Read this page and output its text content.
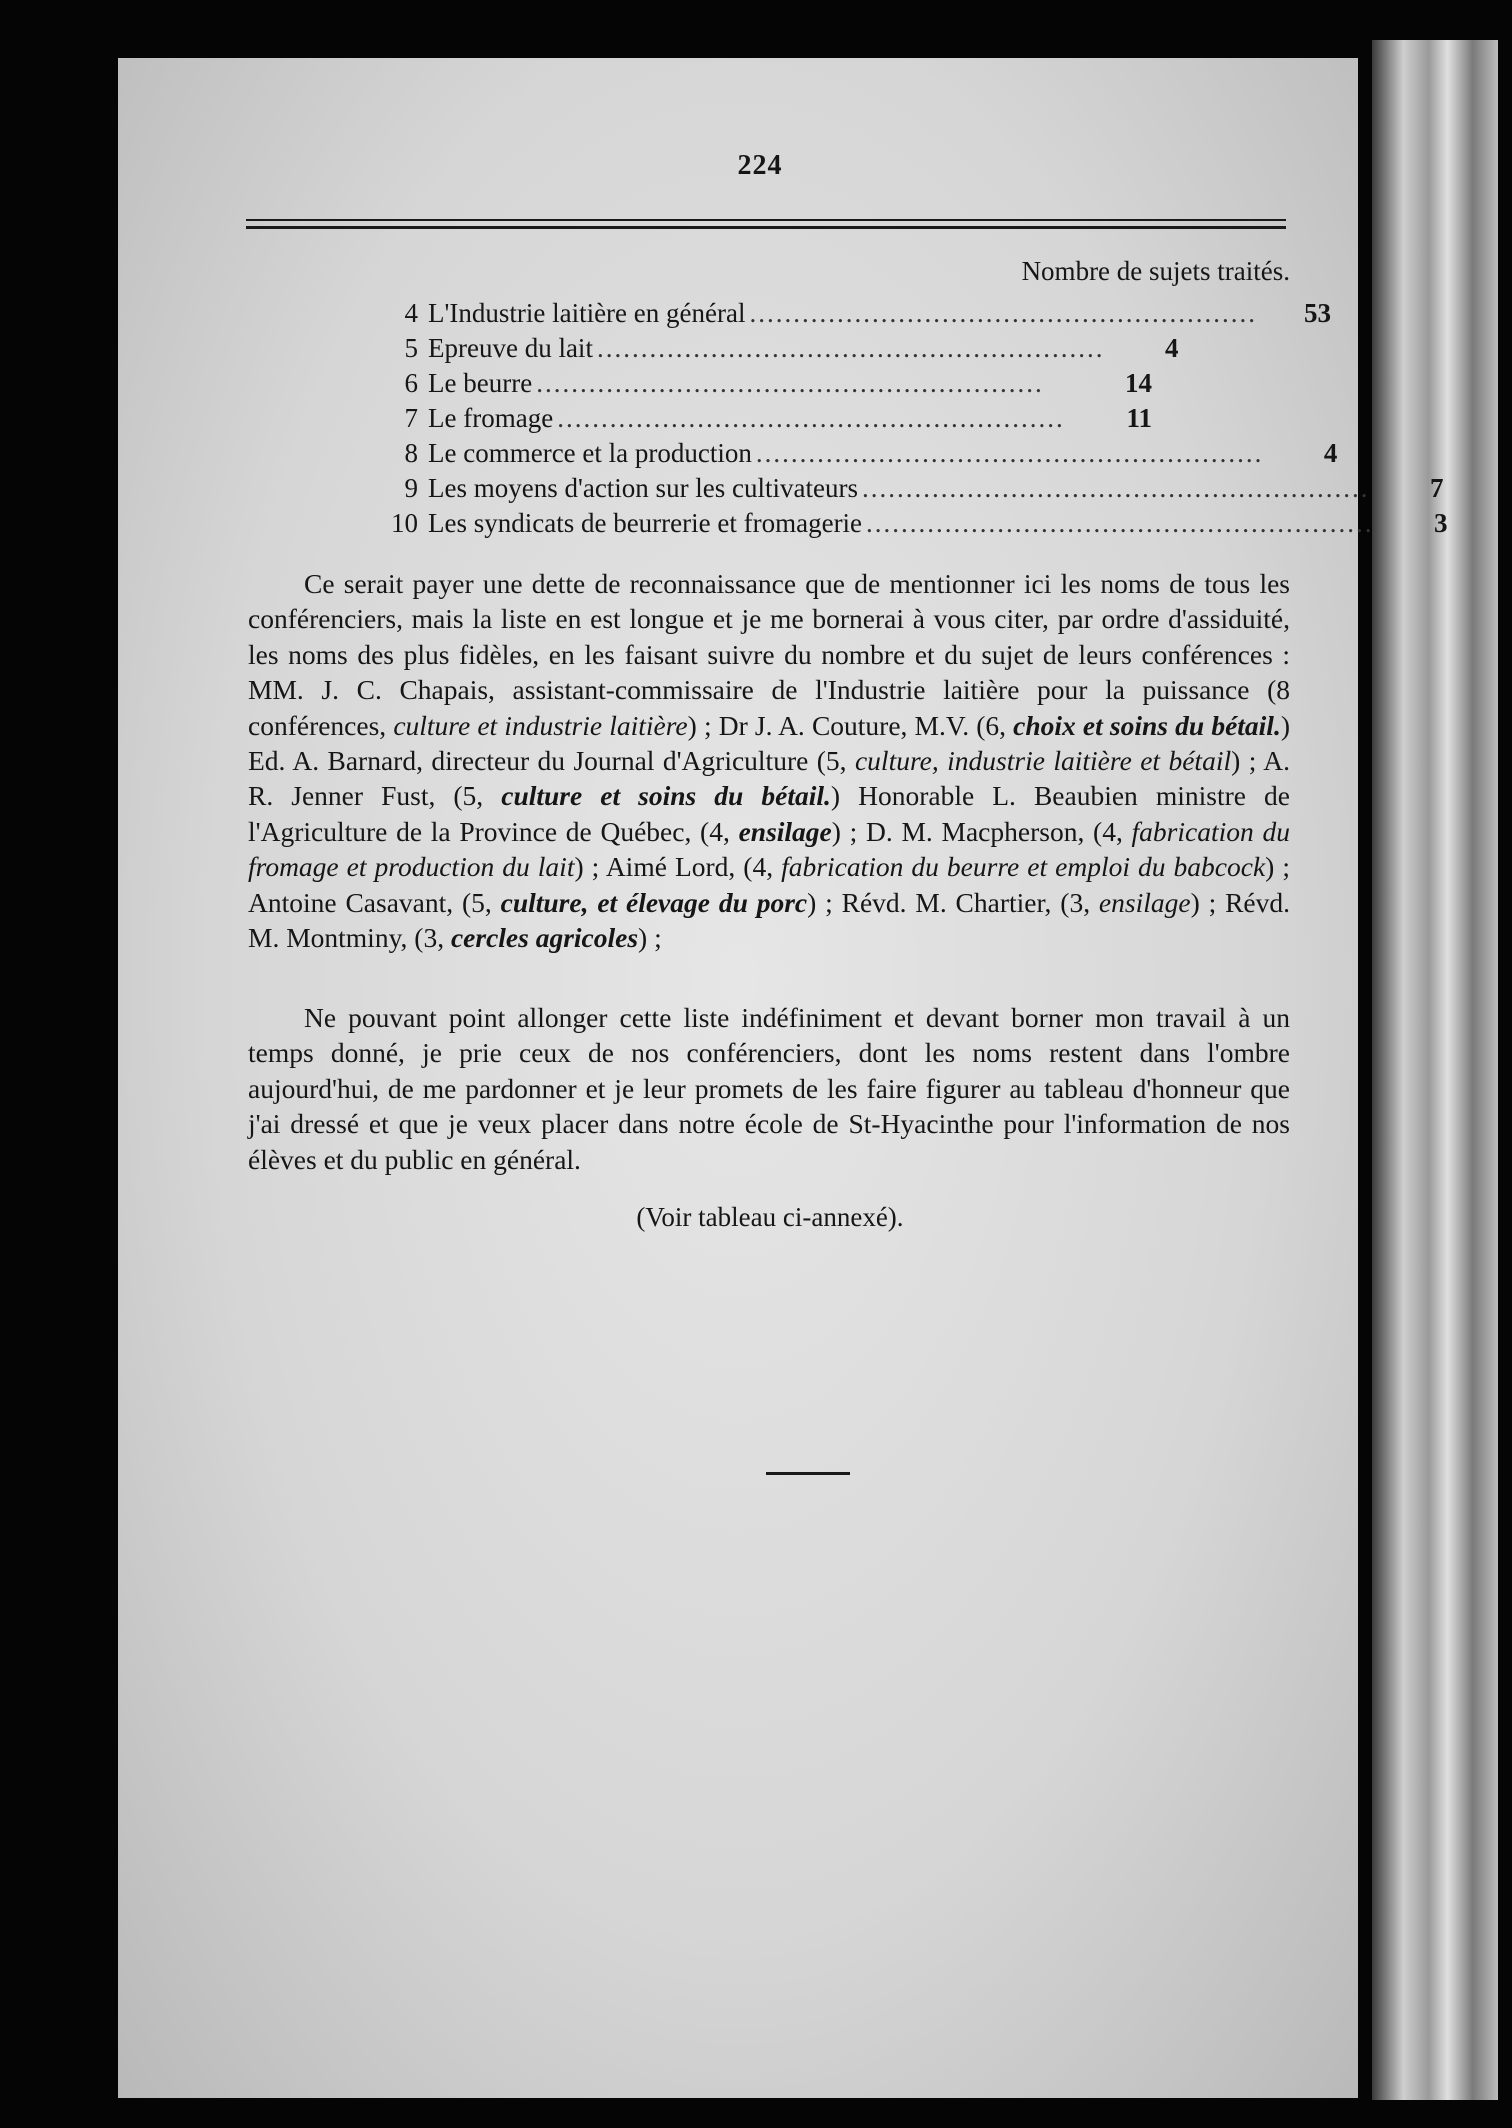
224
Nombre de sujets traités.
4 L'Industrie laitière en général ..........................................................	53
5 Epreuve du lait ..........................................................	4
6 Le beurre ..........................................................	14
7 Le fromage ..........................................................	11
8 Le commerce et la production ..........................................................	4
9 Les moyens d'action sur les cultivateurs ..........................................................	7
10 Les syndicats de beurrerie et fromagerie ..........................................................	3

Ce serait payer une dette de reconnaissance que de mentionner ici les noms de tous les conférenciers, mais la liste en est longue et je me bornerai à vous citer, par ordre d'assiduité, les noms des plus fidèles, en les faisant suivre du nombre et du sujet de leurs conférences : MM. J. C. Chapais, assistant-commissaire de l'Industrie laitière pour la puissance (8 conférences, culture et industrie laitière) ; Dr J. A. Couture, M.V. (6, choix et soins du bétail.) Ed. A. Barnard, directeur du Journal d'Agriculture (5, culture, industrie laitière et bétail) ; A. R. Jenner Fust, (5, culture et soins du bétail.) Honorable L. Beaubien ministre de l'Agriculture de la Province de Québec, (4, ensilage) ; D. M. Macpherson, (4, fabrication du fromage et production du lait) ; Aimé Lord, (4, fabrication du beurre et emploi du babcock) ; Antoine Casavant, (5, culture, et élevage du porc) ; Révd. M. Chartier, (3, ensilage) ; Révd. M. Montminy, (3, cercles agricoles) ;

Ne pouvant point allonger cette liste indéfiniment et devant borner mon travail à un temps donné, je prie ceux de nos conférenciers, dont les noms restent dans l'ombre aujourd'hui, de me pardonner et je leur promets de les faire figurer au tableau d'honneur que j'ai dressé et que je veux placer dans notre école de St-Hyacinthe pour l'information de nos élèves et du public en général.

(Voir tableau ci-annexé).
